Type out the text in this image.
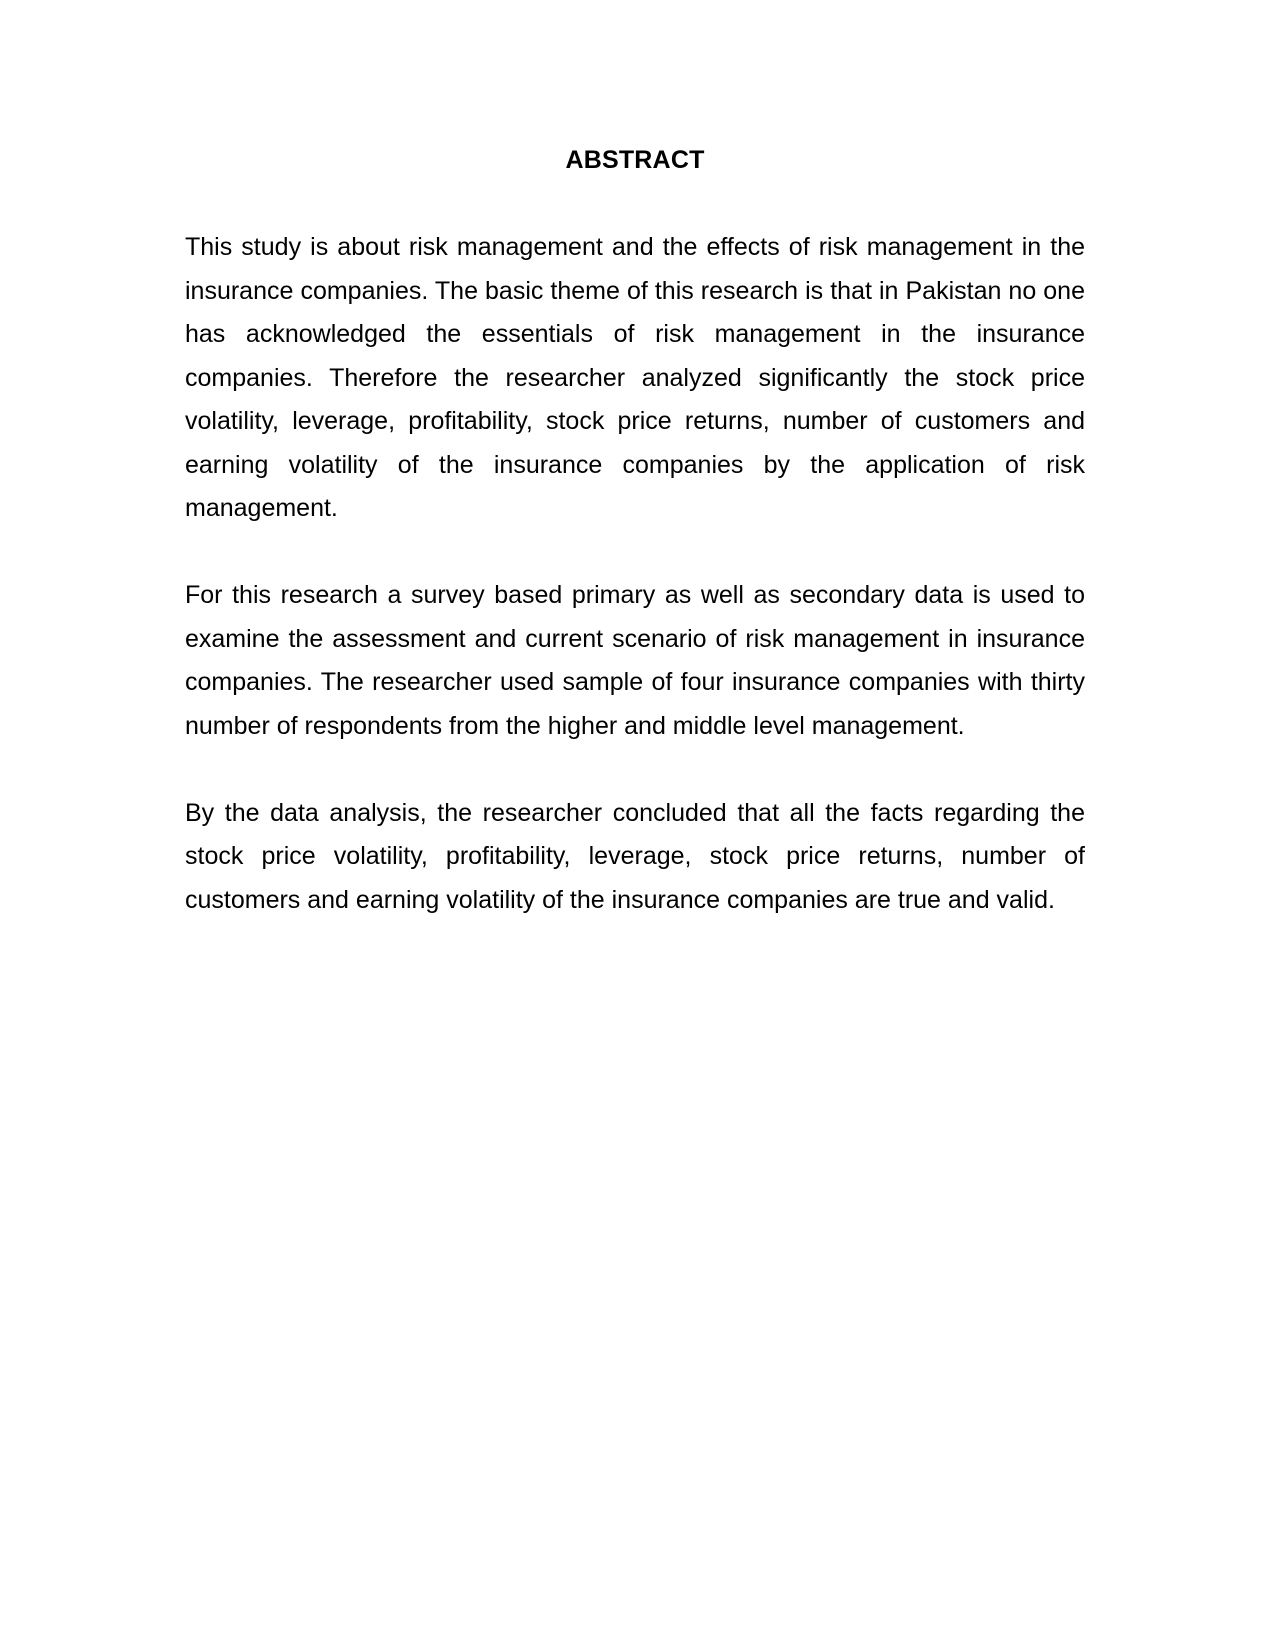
ABSTRACT

This study is about risk management and the effects of risk management in the insurance companies. The basic theme of this research is that in Pakistan no one has acknowledged the essentials of risk management in the insurance companies. Therefore the researcher analyzed significantly the stock price volatility, leverage, profitability, stock price returns, number of customers and earning volatility of the insurance companies by the application of risk management.

For this research a survey based primary as well as secondary data is used to examine the assessment and current scenario of risk management in insurance companies. The researcher used sample of four insurance companies with thirty number of respondents from the higher and middle level management.

By the data analysis, the researcher concluded that all the facts regarding the stock price volatility, profitability, leverage, stock price returns, number of customers and earning volatility of the insurance companies are true and valid.
